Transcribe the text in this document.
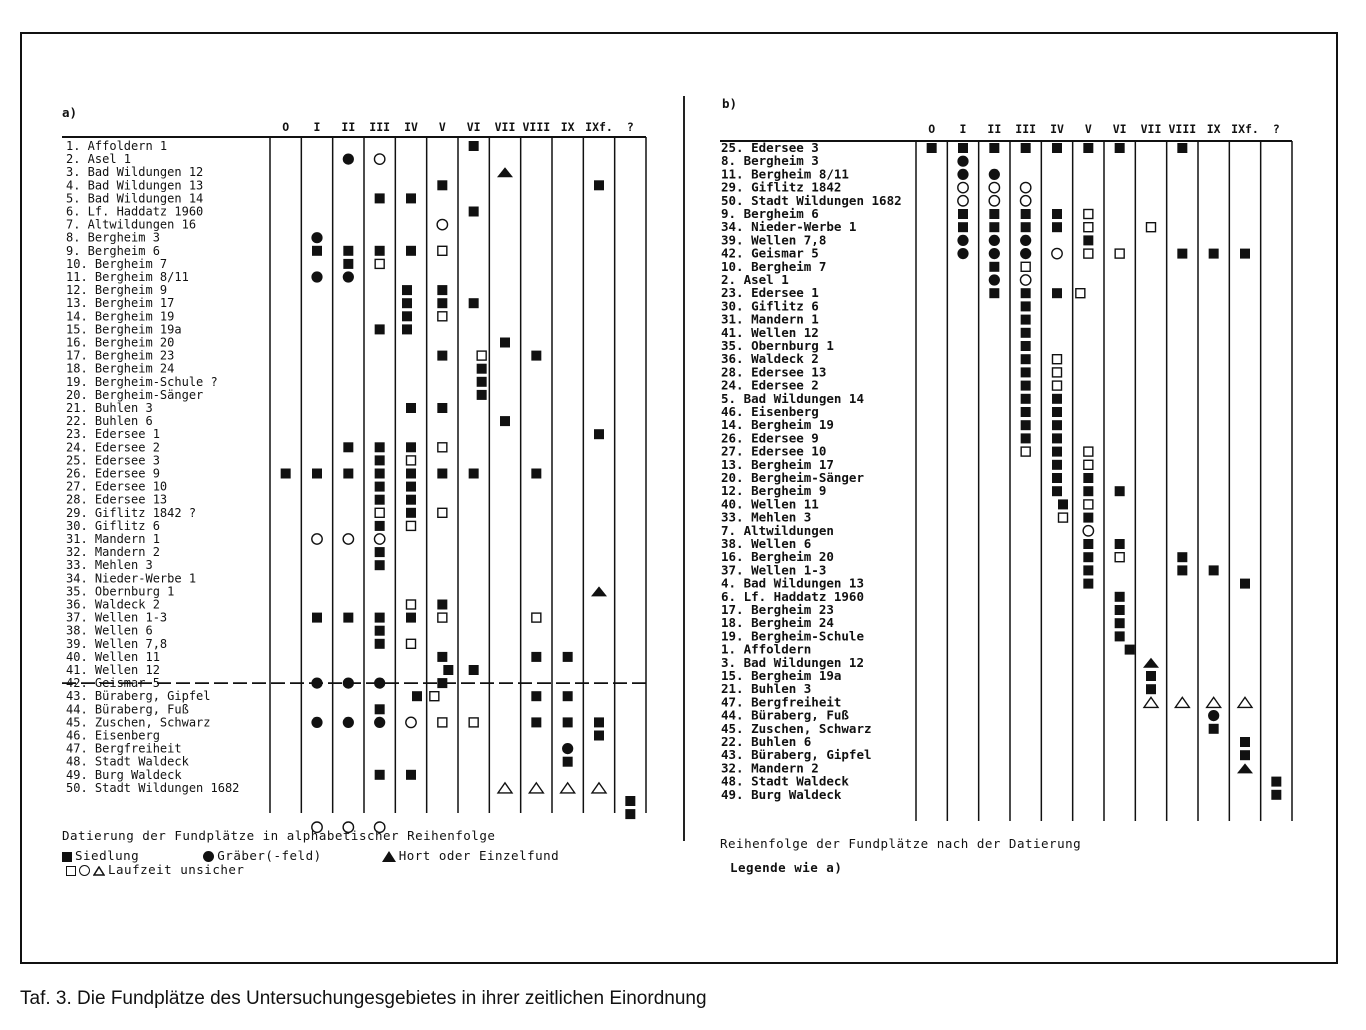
a)
O I II III IV V VI VII VIII IX IXf. ?
1. Affoldern 1
2. Asel 1
3. Bad Wildungen 12
4. Bad Wildungen 13
5. Bad Wildungen 14
6. Lf. Haddatz 1960
7. Altwildungen 16
8. Bergheim 3
9. Bergheim 6
10. Bergheim 7
11. Bergheim 8/11
12. Bergheim 9
13. Bergheim 17
14. Bergheim 19
15. Bergheim 19a
16. Bergheim 20
17. Bergheim 23
18. Bergheim 24
19. Bergheim-Schule ?
20. Bergheim-Sänger
21. Buhlen 3
22. Buhlen 6
23. Edersee 1
24. Edersee 2
25. Edersee 3
26. Edersee 9
27. Edersee 10
28. Edersee 13
29. Giflitz 1842 ?
30. Giflitz 6
31. Mandern 1
32. Mandern 2
33. Mehlen 3
34. Nieder-Werbe 1
35. Obernburg 1
36. Waldeck 2
37. Wellen 1-3
38. Wellen 6
39. Wellen 7,8
40. Wellen 11
41. Wellen 12
42. Geismar 5
43. Büraberg, Gipfel
44. Büraberg, Fuß
45. Zuschen, Schwarz
46. Eisenberg
47. Bergfreiheit
48. Stadt Waldeck
49. Burg Waldeck
50. Stadt Wildungen 1682
b)
O I II III IV V VI VII VIII IX IXf. ?
25. Edersee 3
8. Bergheim 3
11. Bergheim 8/11
29. Giflitz 1842
50. Stadt Wildungen 1682
9. Bergheim 6
34. Nieder-Werbe 1
39. Wellen 7,8
42. Geismar 5
10. Bergheim 7
2. Asel 1
23. Edersee 1
30. Giflitz 6
31. Mandern 1
41. Wellen 12
35. Obernburg 1
36. Waldeck 2
28. Edersee 13
24. Edersee 2
5. Bad Wildungen 14
46. Eisenberg
14. Bergheim 19
26. Edersee 9
27. Edersee 10
13. Bergheim 17
20. Bergheim-Sänger
12. Bergheim 9
40. Wellen 11
33. Mehlen 3
7. Altwildungen
38. Wellen 6
16. Bergheim 20
37. Wellen 1-3
4. Bad Wildungen 13
6. Lf. Haddatz 1960
17. Bergheim 23
18. Bergheim 24
19. Bergheim-Schule
1. Affoldern
3. Bad Wildungen 12
15. Bergheim 19a
21. Buhlen 3
47. Bergfreiheit
44. Büraberg, Fuß
45. Zuschen, Schwarz
22. Buhlen 6
43. Büraberg, Gipfel
32. Mandern 2
48. Stadt Waldeck
49. Burg Waldeck
Datierung der Fundplätze in alphabetischer Reihenfolge
Siedlung	Gräber(-feld)	Hort oder Einzelfund
Laufzeit unsicher
Reihenfolge der Fundplätze nach der Datierung
Legende wie a)
Taf. 3. Die Fundplätze des Untersuchungesgebietes in ihrer zeitlichen Einordnung
